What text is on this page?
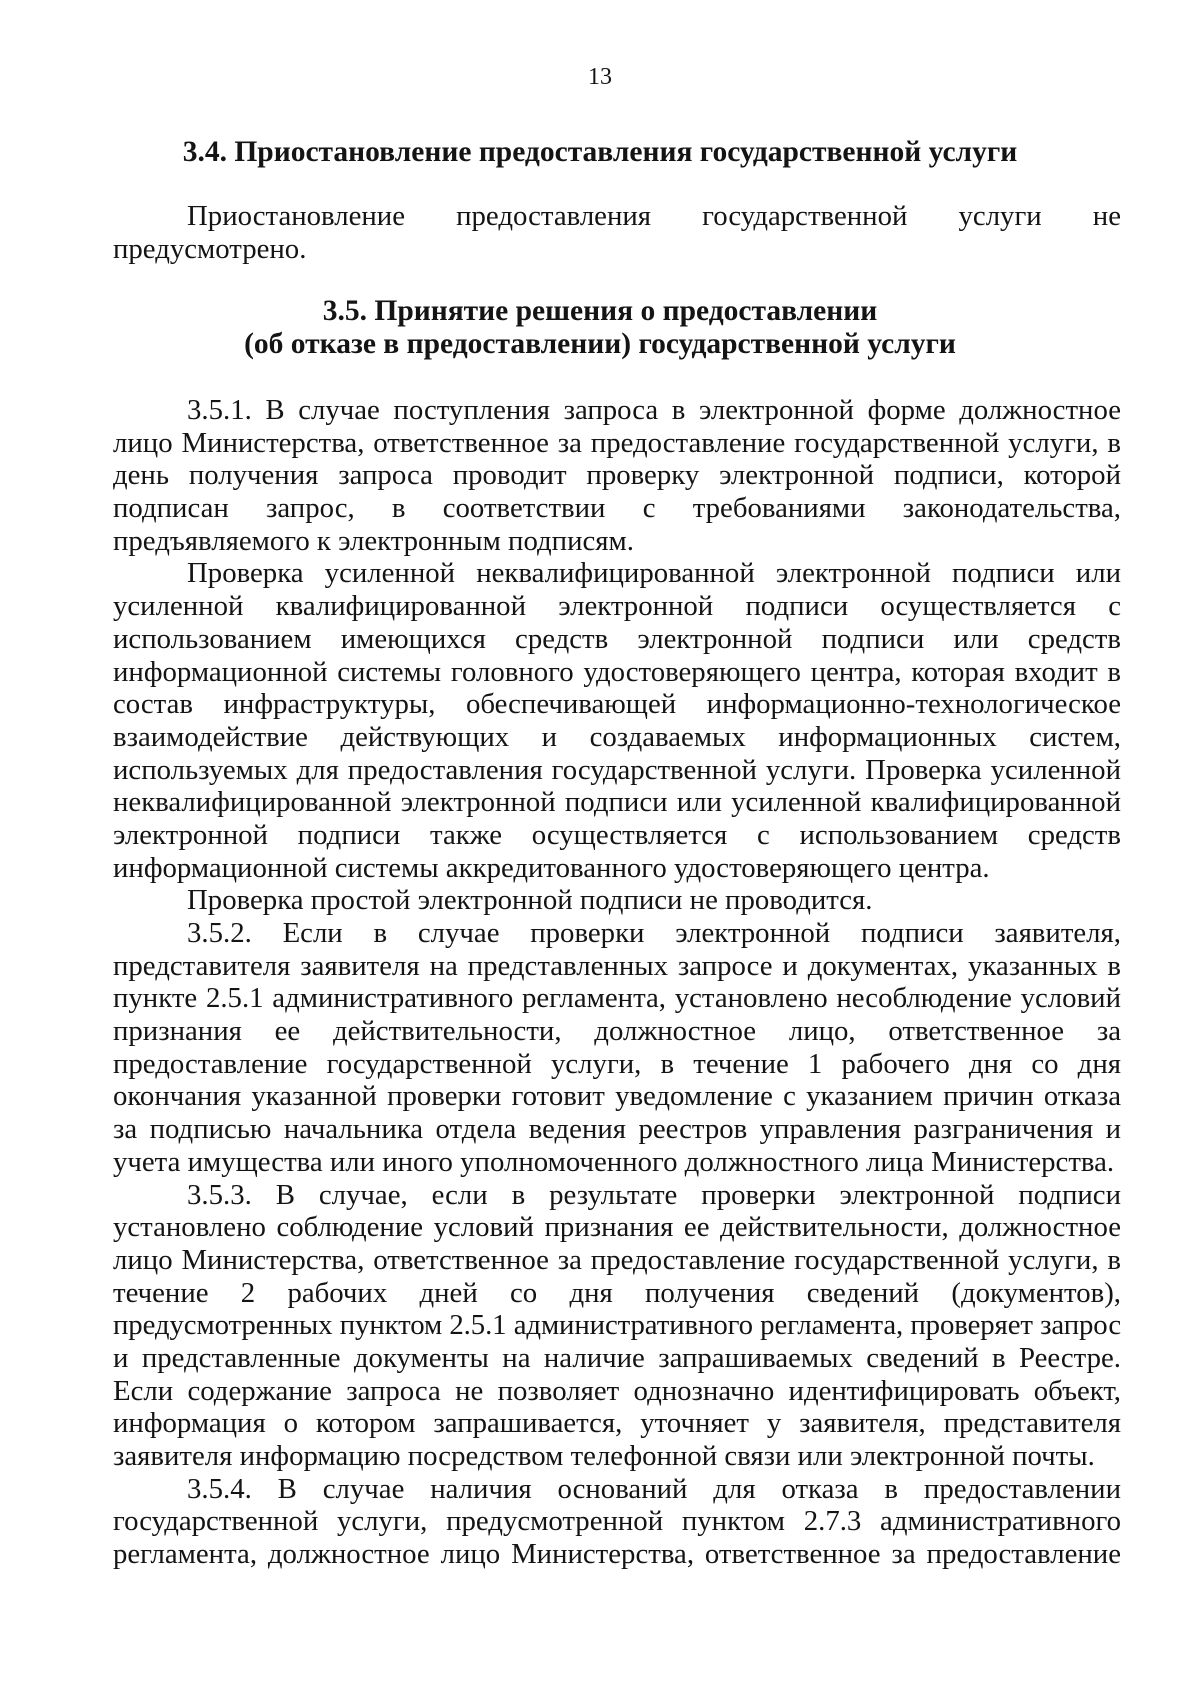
13
3.4. Приостановление предоставления государственной услуги
Приостановление предоставления государственной услуги не
предусмотрено.
3.5. Принятие решения о предоставлении
(об отказе в предоставлении) государственной услуги
3.5.1. В случае поступления запроса в электронной форме должностное
лицо Министерства, ответственное за предоставление государственной услуги, в
день получения запроса проводит проверку электронной подписи, которой
подписан запрос, в соответствии с требованиями законодательства,
предъявляемого к электронным подписям.
Проверка усиленной неквалифицированной электронной подписи или
усиленной квалифицированной электронной подписи осуществляется с
использованием имеющихся средств электронной подписи или средств
информационной системы головного удостоверяющего центра, которая входит в
состав инфраструктуры, обеспечивающей информационно-технологическое
взаимодействие действующих и создаваемых информационных систем,
используемых для предоставления государственной услуги. Проверка усиленной
неквалифицированной электронной подписи или усиленной квалифицированной
электронной подписи также осуществляется с использованием средств
информационной системы аккредитованного удостоверяющего центра.
Проверка простой электронной подписи не проводится.
3.5.2. Если в случае проверки электронной подписи заявителя,
представителя заявителя на представленных запросе и документах, указанных в
пункте 2.5.1 административного регламента, установлено несоблюдение условий
признания ее действительности, должностное лицо, ответственное за
предоставление государственной услуги, в течение 1 рабочего дня со дня
окончания указанной проверки готовит уведомление с указанием причин отказа
за подписью начальника отдела ведения реестров управления разграничения и
учета имущества или иного уполномоченного должностного лица Министерства.
3.5.3. В случае, если в результате проверки электронной подписи
установлено соблюдение условий признания ее действительности, должностное
лицо Министерства, ответственное за предоставление государственной услуги, в
течение 2 рабочих дней со дня получения сведений (документов),
предусмотренных пунктом 2.5.1 административного регламента, проверяет запрос
и представленные документы на наличие запрашиваемых сведений в Реестре.
Если содержание запроса не позволяет однозначно идентифицировать объект,
информация о котором запрашивается, уточняет у заявителя, представителя
заявителя информацию посредством телефонной связи или электронной почты.
3.5.4. В случае наличия оснований для отказа в предоставлении
государственной услуги, предусмотренной пунктом 2.7.3 административного
регламента, должностное лицо Министерства, ответственное за предоставление
